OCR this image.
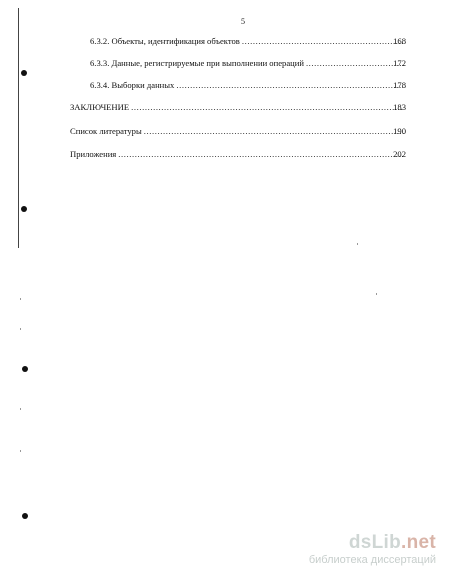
5
6.3.2. Объекты, идентификация объектов .....	168
6.3.3. Данные, регистрируемые при выполнении операций .....	172
6.3.4. Выборки данных .....	178
ЗАКЛЮЧЕНИЕ .....	183
Список литературы .....	190
Приложения .....	202
dsLib.net
библиотека диссертаций
